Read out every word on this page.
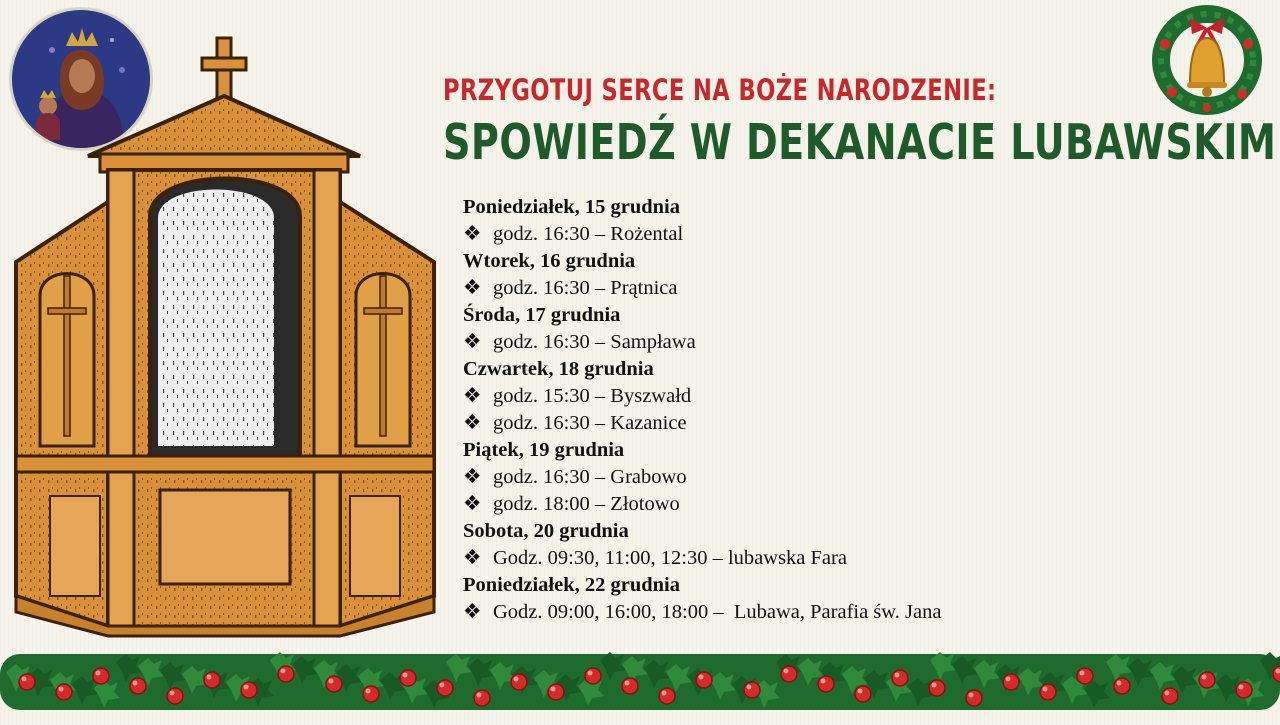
PRZYGOTUJ SERCE NA BOŻE NARODZENIE:
SPOWIEDŹ W DEKANACIE LUBAWSKIM
Poniedziałek, 15 grudnia
❖ godz. 16:30 – Rożental
Wtorek, 16 grudnia
❖ godz. 16:30 – Prątnica
Środa, 17 grudnia
❖ godz. 16:30 – Sampława
Czwartek, 18 grudnia
❖ godz. 15:30 – Byszwałd
❖ godz. 16:30 – Kazanice
Piątek, 19 grudnia
❖ godz. 16:30 – Grabowo
❖ godz. 18:00 – Złotowo
Sobota, 20 grudnia
❖ Godz. 09:30, 11:00, 12:30 – lubawska Fara
Poniedziałek, 22 grudnia
❖ Godz. 09:00, 16:00, 18:00 –  Lubawa, Parafia św. Jana
